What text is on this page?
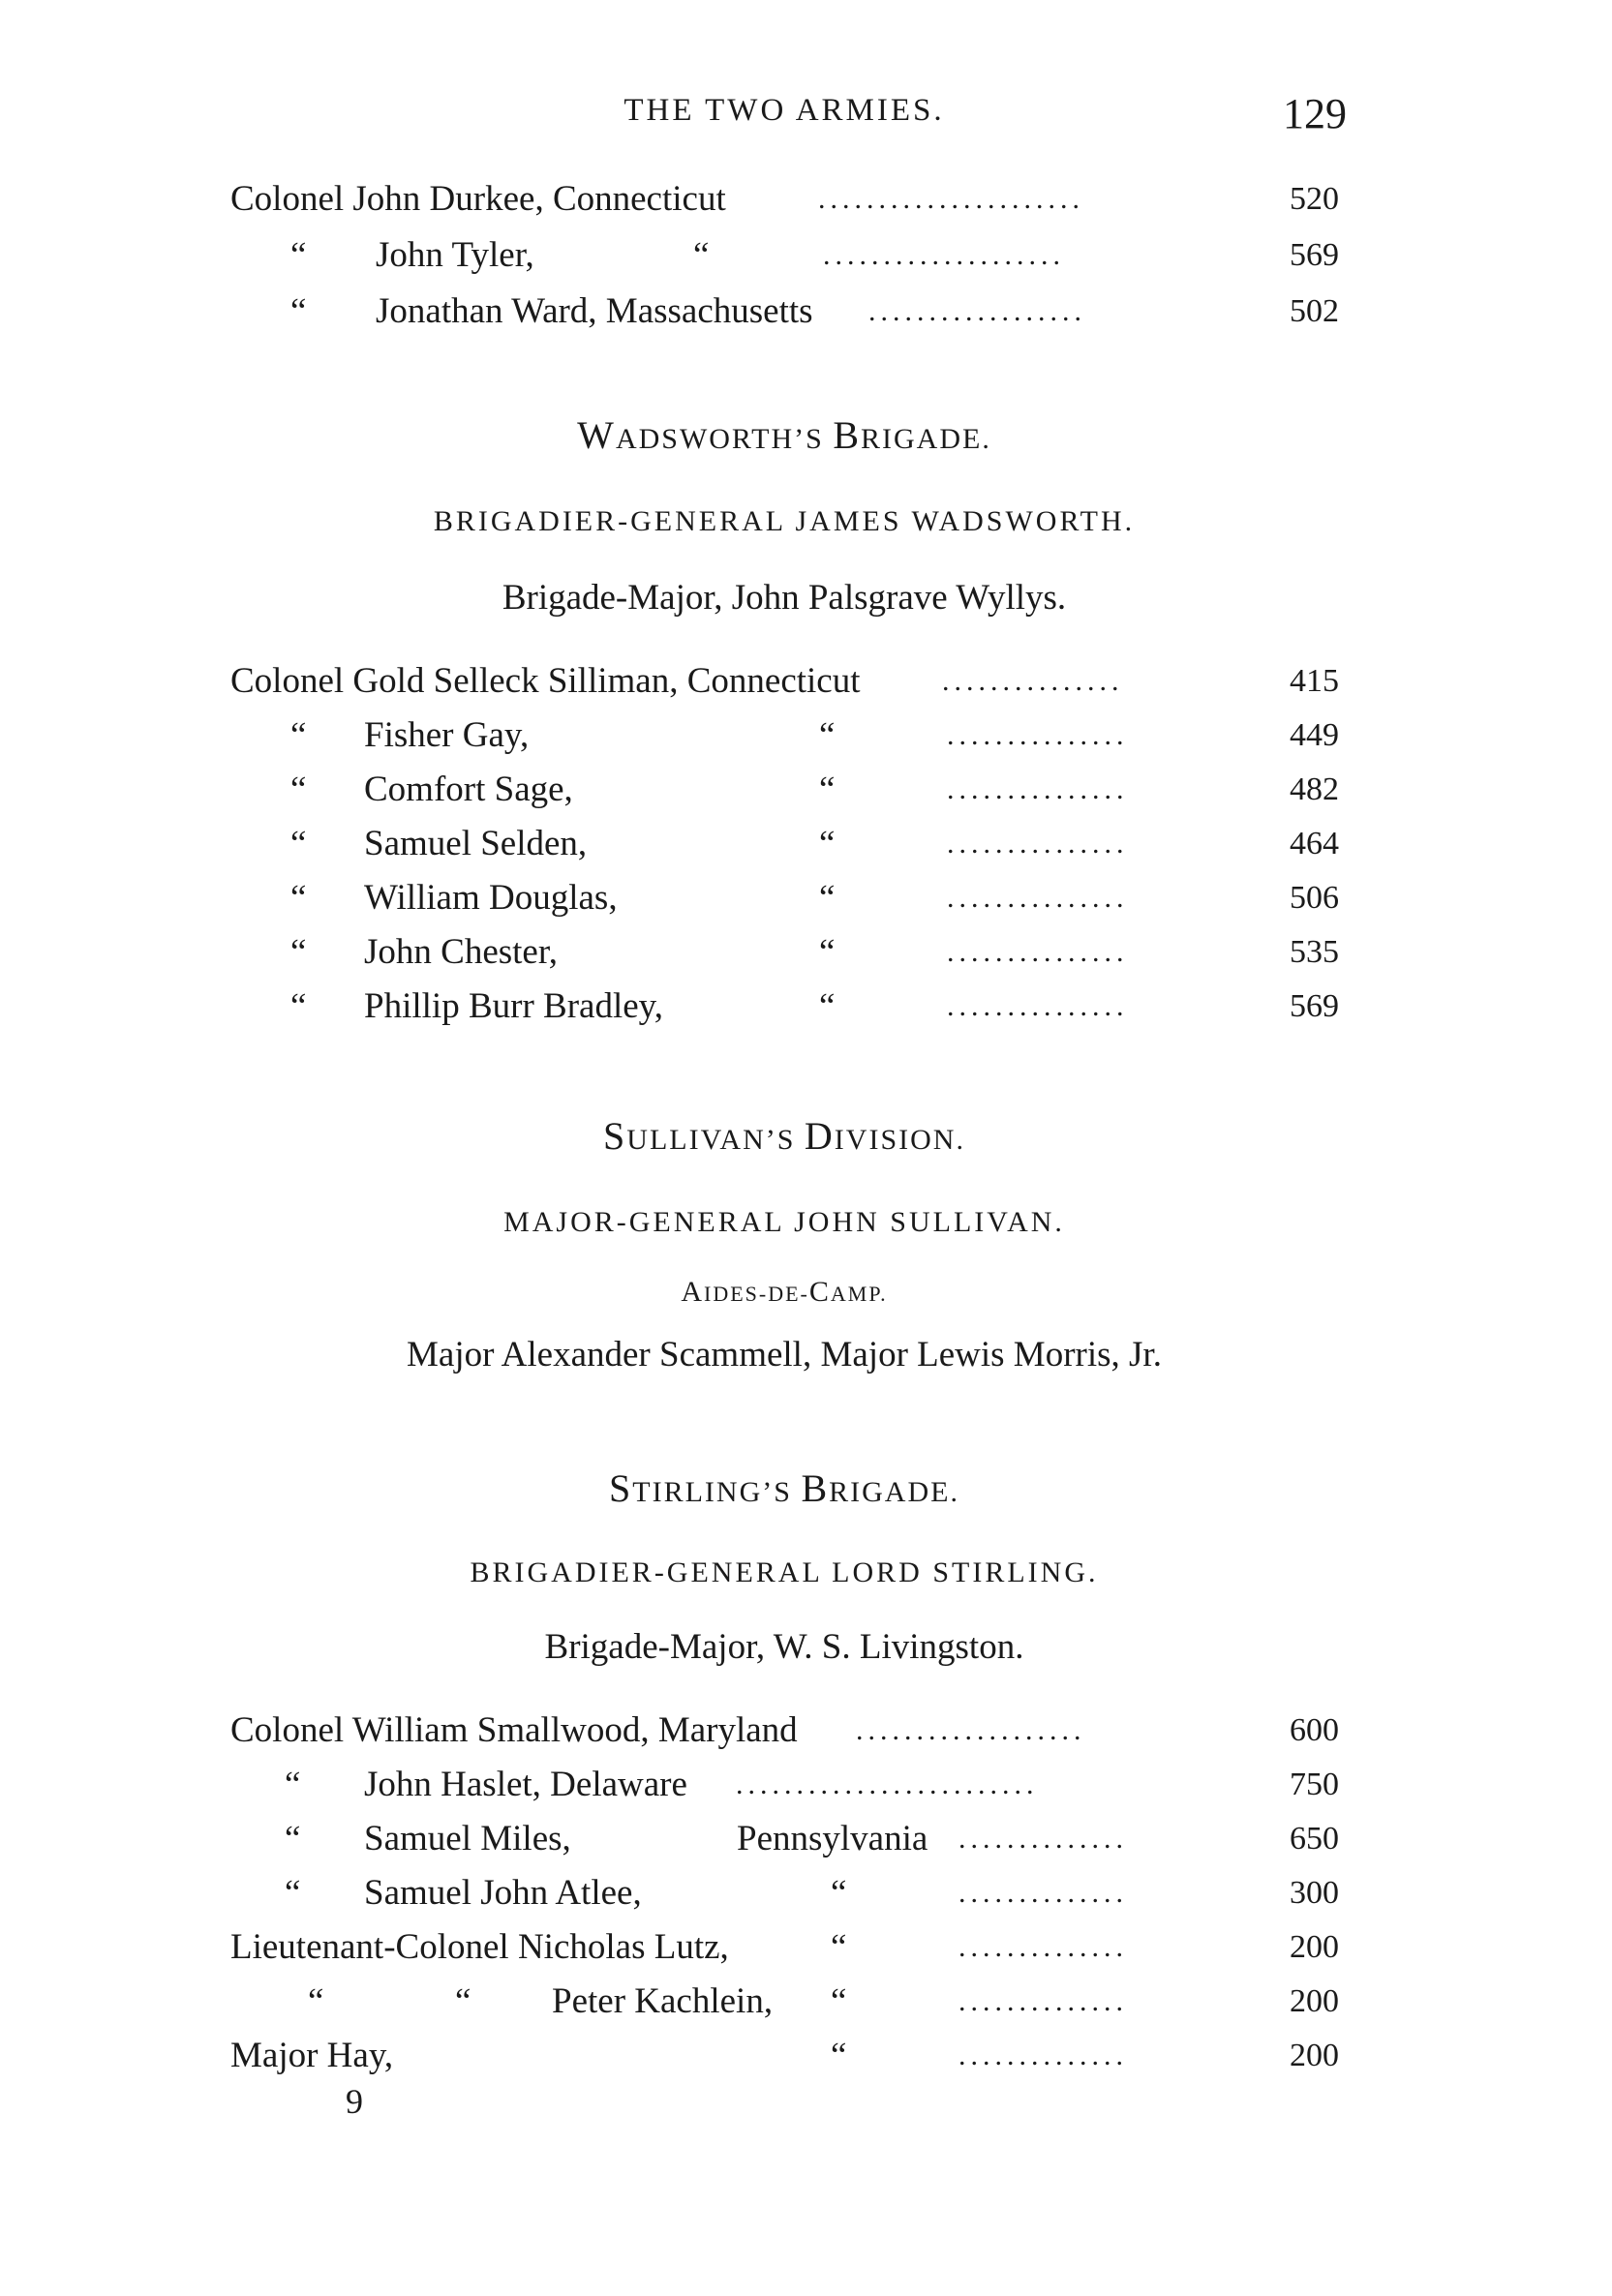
THE TWO ARMIES.	129
Colonel John Durkee, Connecticut	......................	520
“ John Tyler,	“	....................	569
“ Jonathan Ward, Massachusetts ..................	502
WADSWORTH’S BRIGADE.
BRIGADIER-GENERAL JAMES WADSWORTH.
Brigade-Major, John Palsgrave Wyllys.
Colonel Gold Selleck Silliman, Connecticut	...............	415
“ Fisher Gay,	“	...............	449
“ Comfort Sage,	“	...............	482
“ Samuel Selden,	“	...............	464
“ William Douglas,	“	...............	506
“ John Chester,	“	...............	535
“ Phillip Burr Bradley,	“	...............	569
SULLIVAN’S DIVISION.
MAJOR-GENERAL JOHN SULLIVAN.
AIDES-DE-CAMP.
Major Alexander Scammell, Major Lewis Morris, Jr.
STIRLING’S BRIGADE.
BRIGADIER-GENERAL LORD STIRLING.
Brigade-Major, W. S. Livingston.
Colonel William Smallwood, Maryland ...................	600
“ John Haslet, Delaware .........................	750
“ Samuel Miles,	Pennsylvania ..............	650
“ Samuel John Atlee,	“	..............	300
Lieutenant-Colonel Nicholas Lutz,	“	..............	200
“	“ Peter Kachlein, “	..............	200
Major Hay,	“	..............	200
9
